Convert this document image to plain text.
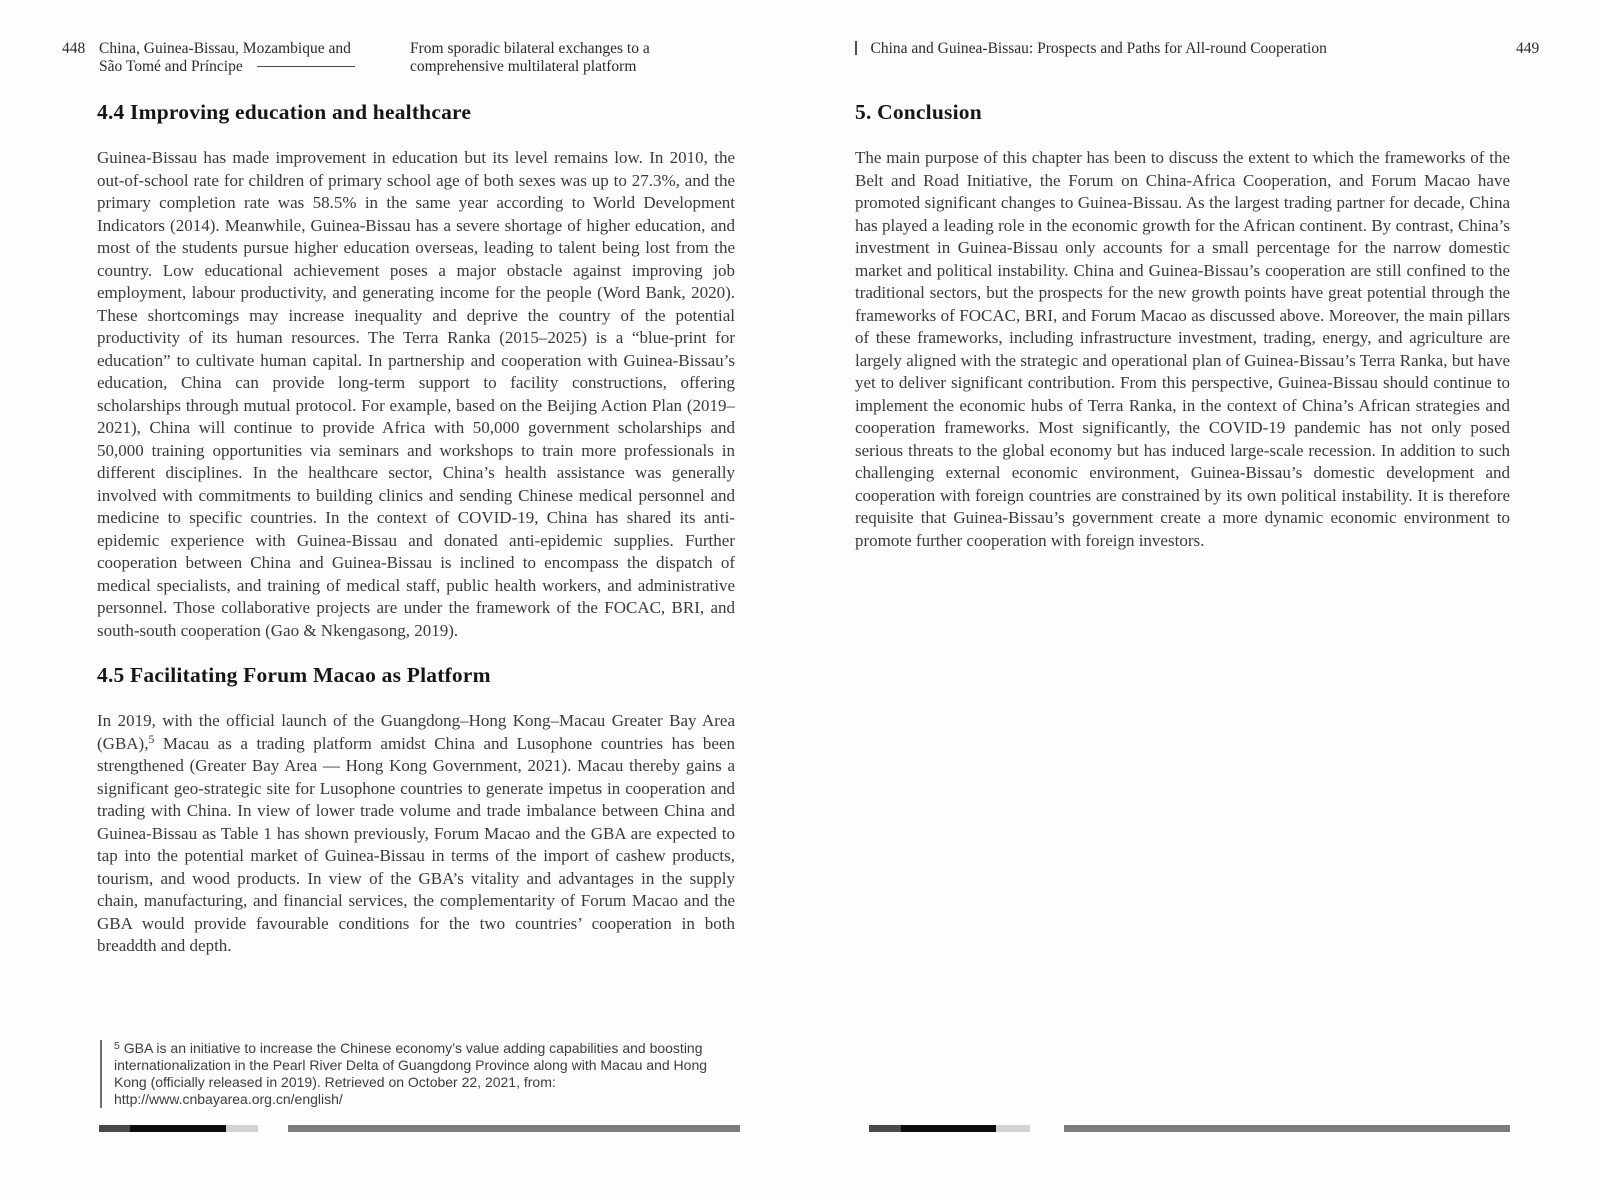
448 China, Guinea-Bissau, Mozambique and
São Tomé and Príncipe
From sporadic bilateral exchanges to a
comprehensive multilateral platform
4.4 Improving education and healthcare
Guinea-Bissau has made improvement in education but its level remains low. In 2010, the out-of-school rate for children of primary school age of both sexes was up to 27.3%, and the primary completion rate was 58.5% in the same year according to World Development Indicators (2014). Meanwhile, Guinea-Bissau has a severe shortage of higher education, and most of the students pursue higher education overseas, leading to talent being lost from the country. Low educational achievement poses a major obstacle against improving job employment, labour productivity, and generating income for the people (Word Bank, 2020). These shortcomings may increase inequality and deprive the country of the potential productivity of its human resources. The Terra Ranka (2015–2025) is a “blue-print for education” to cultivate human capital. In partnership and cooperation with Guinea-Bissau’s education, China can provide long-term support to facility constructions, offering scholarships through mutual protocol. For example, based on the Beijing Action Plan (2019–2021), China will continue to provide Africa with 50,000 government scholarships and 50,000 training opportunities via seminars and workshops to train more professionals in different disciplines. In the healthcare sector, China’s health assistance was generally involved with commitments to building clinics and sending Chinese medical personnel and medicine to specific countries. In the context of COVID-19, China has shared its anti-epidemic experience with Guinea-Bissau and donated anti-epidemic supplies. Further cooperation between China and Guinea-Bissau is inclined to encompass the dispatch of medical specialists, and training of medical staff, public health workers, and administrative personnel. Those collaborative projects are under the framework of the FOCAC, BRI, and south-south cooperation (Gao & Nkengasong, 2019).
4.5 Facilitating Forum Macao as Platform
In 2019, with the official launch of the Guangdong–Hong Kong–Macau Greater Bay Area (GBA),$^5$ Macau as a trading platform amidst China and Lusophone countries has been strengthened (Greater Bay Area — Hong Kong Government, 2021). Macau thereby gains a significant geo-strategic site for Lusophone countries to generate impetus in cooperation and trading with China. In view of lower trade volume and trade imbalance between China and Guinea-Bissau as Table 1 has shown previously, Forum Macao and the GBA are expected to tap into the potential market of Guinea-Bissau in terms of the import of cashew products, tourism, and wood products. In view of the GBA’s vitality and advantages in the supply chain, manufacturing, and financial services, the complementarity of Forum Macao and the GBA would provide favourable conditions for the two countries’ cooperation in both breaddth and depth.
$^5$ GBA is an initiative to increase the Chinese economy’s value adding capabilities and boosting internationalization in the Pearl River Delta of Guangdong Province along with Macau and Hong Kong (officially released in 2019). Retrieved on October 22, 2021, from: http://www.cnbayarea.org.cn/english/
China and Guinea-Bissau: Prospects and Paths for All-round Cooperation	449
5. Conclusion
The main purpose of this chapter has been to discuss the extent to which the frameworks of the Belt and Road Initiative, the Forum on China-Africa Cooperation, and Forum Macao have promoted significant changes to Guinea-Bissau. As the largest trading partner for decade, China has played a leading role in the economic growth for the African continent. By contrast, China’s investment in Guinea-Bissau only accounts for a small percentage for the narrow domestic market and political instability. China and Guinea-Bissau’s cooperation are still confined to the traditional sectors, but the prospects for the new growth points have great potential through the frameworks of FOCAC, BRI, and Forum Macao as discussed above. Moreover, the main pillars of these frameworks, including infrastructure investment, trading, energy, and agriculture are largely aligned with the strategic and operational plan of Guinea-Bissau’s Terra Ranka, but have yet to deliver significant contribution. From this perspective, Guinea-Bissau should continue to implement the economic hubs of Terra Ranka, in the context of China’s African strategies and cooperation frameworks. Most significantly, the COVID-19 pandemic has not only posed serious threats to the global economy but has induced large-scale recession. In addition to such challenging external economic environment, Guinea-Bissau’s domestic development and cooperation with foreign countries are constrained by its own political instability. It is therefore requisite that Guinea-Bissau’s government create a more dynamic economic environment to promote further cooperation with foreign investors.
